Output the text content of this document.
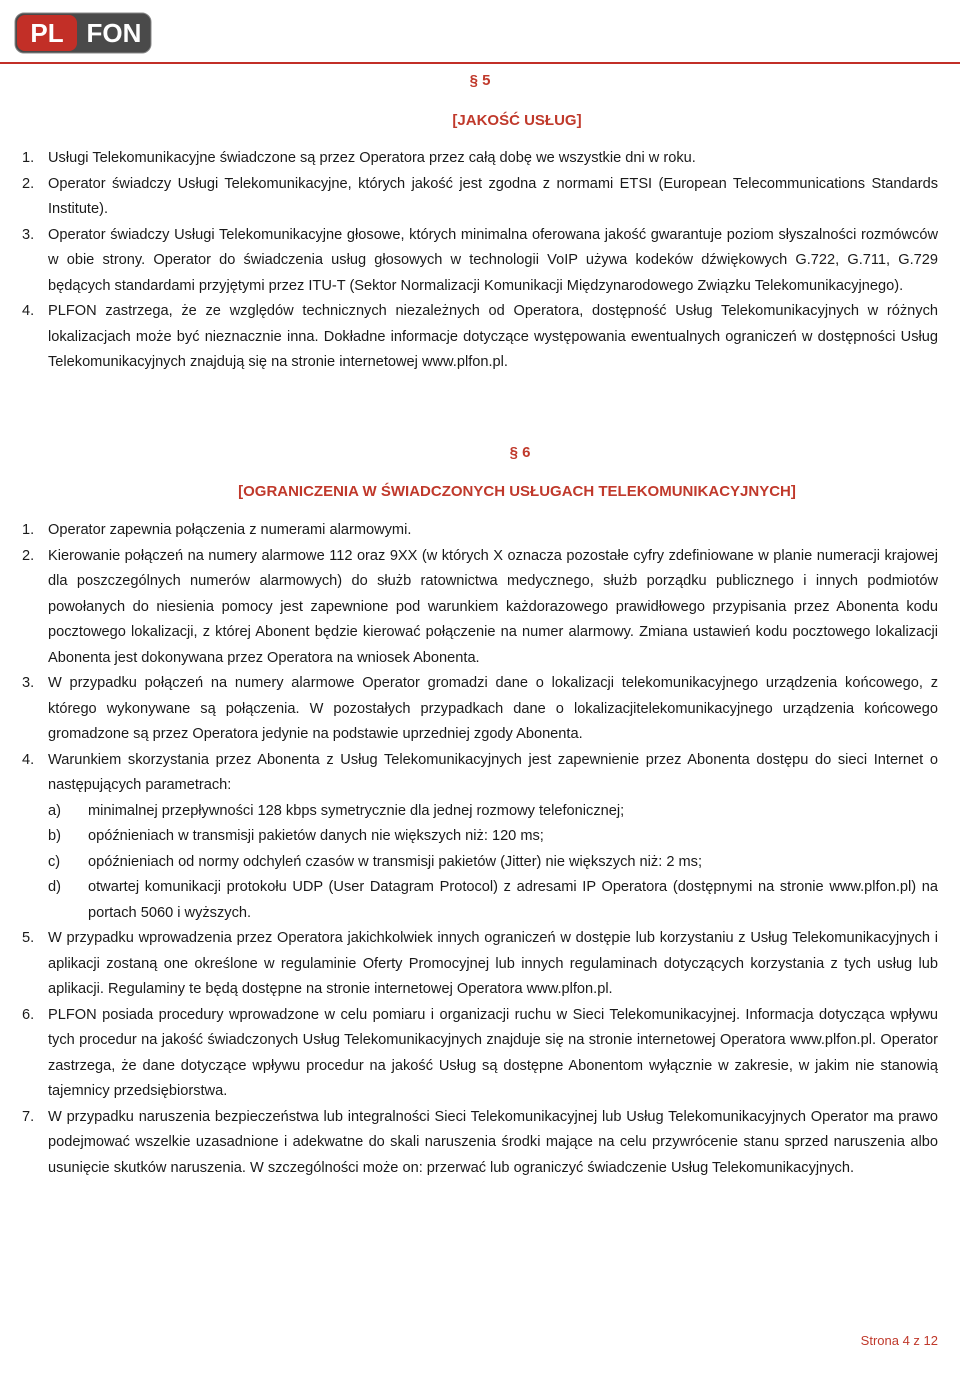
PL FON
§ 5
[JAKOŚĆ USŁUG]
1. Usługi Telekomunikacyjne świadczone są przez Operatora przez całą dobę we wszystkie dni w roku.
2. Operator świadczy Usługi Telekomunikacyjne, których jakość jest zgodna z normami ETSI (European Telecommunications Standards Institute).
3. Operator świadczy Usługi Telekomunikacyjne głosowe, których minimalna oferowana jakość gwarantuje poziom słyszalności rozmówców w obie strony. Operator do świadczenia usług głosowych w technologii VoIP używa kodeków dźwiękowych G.722, G.711, G.729 będących standardami przyjętymi przez ITU-T (Sektor Normalizacji Komunikacji Międzynarodowego Związku Telekomunikacyjnego).
4. PLFON zastrzega, że ze względów technicznych niezależnych od Operatora, dostępność Usług Telekomunikacyjnych w różnych lokalizacjach może być nieznacznie inna. Dokładne informacje dotyczące występowania ewentualnych ograniczeń w dostępności Usług Telekomunikacyjnych znajdują się na stronie internetowej www.plfon.pl.
§ 6
[OGRANICZENIA W ŚWIADCZONYCH USŁUGACH TELEKOMUNIKACYJNYCH]
1. Operator zapewnia połączenia z numerami alarmowymi.
2. Kierowanie połączeń na numery alarmowe 112 oraz 9XX (w których X oznacza pozostałe cyfry zdefiniowane w planie numeracji krajowej dla poszczególnych numerów alarmowych) do służb ratownictwa medycznego, służb porządku publicznego i innych podmiotów powołanych do niesienia pomocy jest zapewnione pod warunkiem każdorazowego prawidłowego przypisania przez Abonenta kodu pocztowego lokalizacji, z której Abonent będzie kierować połączenie na numer alarmowy. Zmiana ustawień kodu pocztowego lokalizacji Abonenta jest dokonywana przez Operatora na wniosek Abonenta.
3. W przypadku połączeń na numery alarmowe Operator gromadzi dane o lokalizacji telekomunikacyjnego urządzenia końcowego, z którego wykonywane są połączenia. W pozostałych przypadkach dane o lokalizacjitelekomunikacyjnego urządzenia końcowego gromadzone są przez Operatora jedynie na podstawie uprzedniej zgody Abonenta.
4. Warunkiem skorzystania przez Abonenta z Usług Telekomunikacyjnych jest zapewnienie przez Abonenta dostępu do sieci Internet o następujących parametrach:
a)	minimalnej przepływności 128 kbps symetrycznie dla jednej rozmowy telefonicznej;
b)	opóźnieniach w transmisji pakietów danych nie większych niż: 120 ms;
c)	opóźnieniach od normy odchyleń czasów w transmisji pakietów (Jitter) nie większych niż: 2 ms;
d)	otwartej komunikacji protokołu UDP (User Datagram Protocol) z adresami IP Operatora (dostępnymi na stronie www.plfon.pl) na portach 5060 i wyższych.
5. W przypadku wprowadzenia przez Operatora jakichkolwiek innych ograniczeń w dostępie lub korzystaniu z Usług Telekomunikacyjnych i aplikacji zostaną one określone w regulaminie Oferty Promocyjnej lub innych regulaminach dotyczących korzystania z tych usług lub aplikacji. Regulaminy te będą dostępne na stronie internetowej Operatora www.plfon.pl.
6. PLFON posiada procedury wprowadzone w celu pomiaru i organizacji ruchu w Sieci Telekomunikacyjnej. Informacja dotycząca wpływu tych procedur na jakość świadczonych Usług Telekomunikacyjnych znajduje się na stronie internetowej Operatora www.plfon.pl. Operator zastrzega, że dane dotyczące wpływu procedur na jakość Usług są dostępne Abonentom wyłącznie w zakresie, w jakim nie stanowią tajemnicy przedsiębiorstwa.
7. W przypadku naruszenia bezpieczeństwa lub integralności Sieci Telekomunikacyjnej lub Usług Telekomunikacyjnych Operator ma prawo podejmować wszelkie uzasadnione i adekwatne do skali naruszenia środki mające na celu przywrócenie stanu sprzed naruszenia albo usunięcie skutków naruszenia. W szczególności może on: przerwać lub ograniczyć świadczenie Usług Telekomunikacyjnych.
Strona 4 z 12
